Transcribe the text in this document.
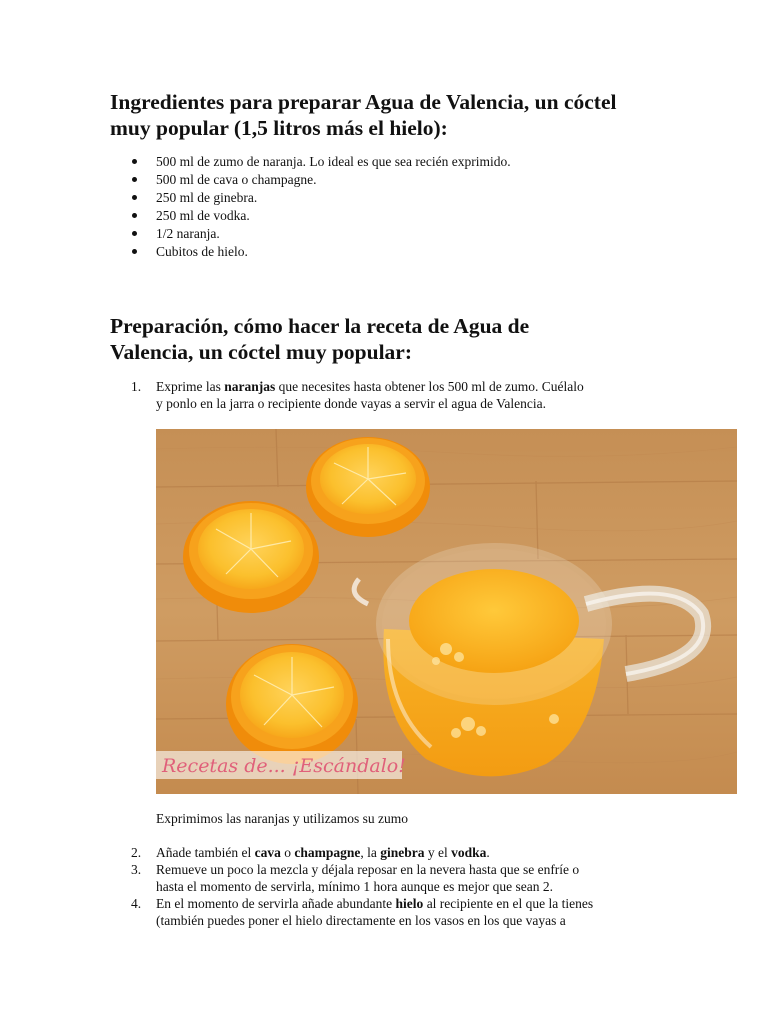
Ingredientes para preparar Agua de Valencia, un cóctel muy popular (1,5 litros más el hielo):
500 ml de zumo de naranja. Lo ideal es que sea recién exprimido.
500 ml de cava o champagne.
250 ml de ginebra.
250 ml de vodka.
1/2 naranja.
Cubitos de hielo.
Preparación, cómo hacer la receta de Agua de Valencia, un cóctel muy popular:
1. Exprime las naranjas que necesites hasta obtener los 500 ml de zumo. Cuélalo
y ponlo en la jarra o recipiente donde vayas a servir el agua de Valencia.
Recetas de... ¡Escándalo!
Exprimimos las naranjas y utilizamos su zumo
2. Añade también el cava o champagne, la ginebra y el vodka.
3. Remueve un poco la mezcla y déjala reposar en la nevera hasta que se enfríe o
hasta el momento de servirla, mínimo 1 hora aunque es mejor que sean 2.
4. En el momento de servirla añade abundante hielo al recipiente en el que la tienes
(también puedes poner el hielo directamente en los vasos en los que vayas a
